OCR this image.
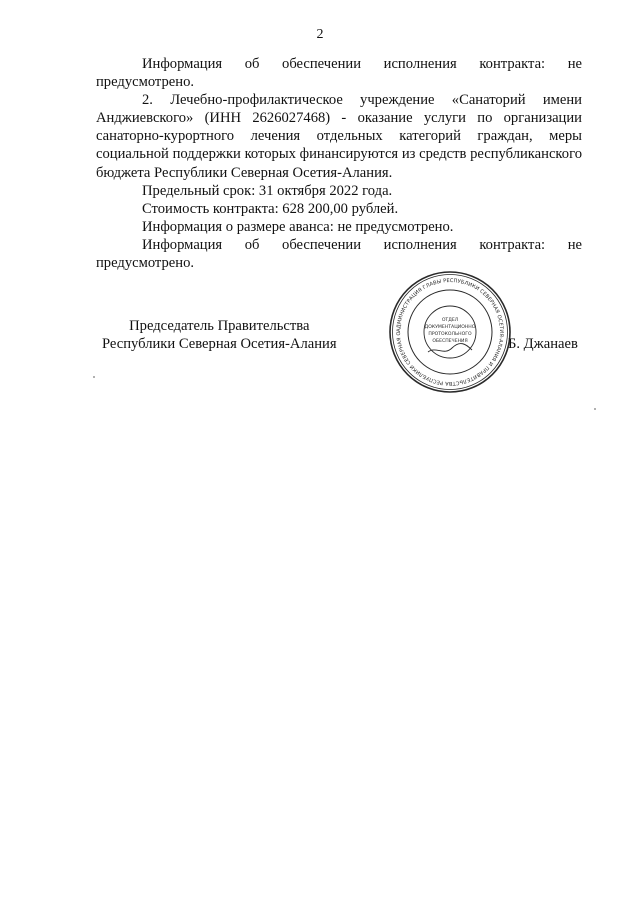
2

Информация об обеспечении исполнения контракта: не предусмотрено.

2. Лечебно-профилактическое учреждение «Санаторий имени Анджиевского» (ИНН 2626027468) - оказание услуги по организации санаторно-курортного лечения отдельных категорий граждан, меры социальной поддержки которых финансируются из средств республиканского бюджета Республики Северная Осетия-Алания.

Предельный срок: 31 октября 2022 года.

Стоимость контракта: 628 200,00 рублей.

Информация о размере аванса: не предусмотрено.

Информация об обеспечении исполнения контракта: не предусмотрено.

Председатель Правительства
Республики Северная Осетия-Алания
АДМИНИСТРАЦИЯ ГЛАВЫ РЕСПУБЛИКИ СЕВЕРНАЯ ОСЕТИЯ-АЛАНИЯ И ПРАВИТЕЛЬСТВА РЕСПУБЛИКИ СЕВЕРНАЯ О
ОТДЕЛ
ДОКУМЕНТАЦИОННО
ПРОТОКОЛЬНОГО
ОБЕСПЕЧЕНИЯ	Б. Джанаев
